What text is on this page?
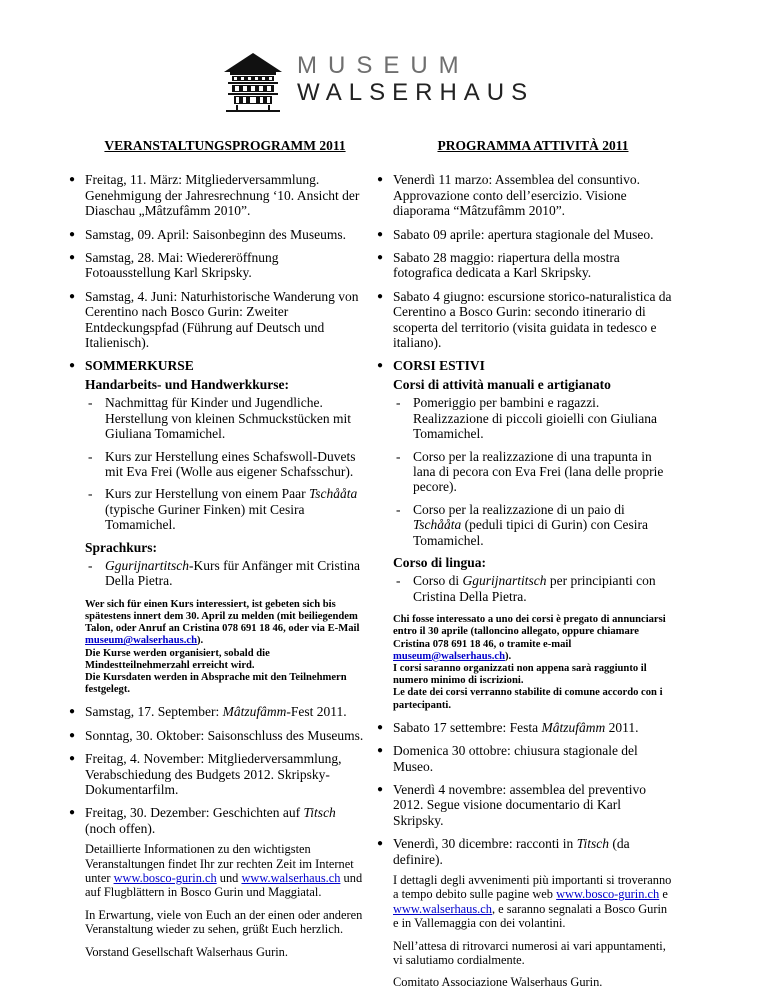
MUSEUM
WALSERHAUS
VERANSTALTUNGSPROGRAMM 2011
● Freitag, 11. März: Mitgliederversammlung. Genehmigung der Jahresrechnung ‘10. Ansicht der Diaschau „Mâtzufâmm 2010”.
● Samstag, 09. April: Saisonbeginn des Museums.
● Samstag, 28. Mai: Wiedereröffnung Fotoausstellung Karl Skripsky.
● Samstag, 4. Juni: Naturhistorische Wanderung von Cerentino nach Bosco Gurin: Zweiter Entdeckungspfad (Führung auf Deutsch und Italienisch).
● SOMMERKURSE
Handarbeits- und Handwerkkurse:
- Nachmittag für Kinder und Jugendliche. Herstellung von kleinen Schmuckstücken mit Giuliana Tomamichel.
- Kurs zur Herstellung eines Schafswoll-Duvets mit Eva Frei (Wolle aus eigener Schafsschur).
- Kurs zur Herstellung von einem Paar Tschååta (typische Guriner Finken) mit Cesira Tomamichel.
Sprachkurs:
- Ggurijnartitsch-Kurs für Anfänger mit Cristina Della Pietra.
Wer sich für einen Kurs interessiert, ist gebeten sich bis spätestens innert dem 30. April zu melden (mit beiliegendem Talon, oder Anruf an Cristina 078 691 18 46, oder via E-Mail museum@walserhaus.ch).
Die Kurse werden organisiert, sobald die Mindestteilnehmerzahl erreicht wird.
Die Kursdaten werden in Absprache mit den Teilnehmern festgelegt.
● Samstag, 17. September: Mâtzufâmm-Fest 2011.
● Sonntag, 30. Oktober: Saisonschluss des Museums.
● Freitag, 4. November: Mitgliederversammlung, Verabschiedung des Budgets 2012. Skripsky-Dokumentarfilm.
● Freitag, 30. Dezember: Geschichten auf Titsch (noch offen).

Detaillierte Informationen zu den wichtigsten Veranstaltungen findet Ihr zur rechten Zeit im Internet unter www.bosco-gurin.ch und www.walserhaus.ch und auf Flugblättern in Bosco Gurin und Maggiatal.

In Erwartung, viele von Euch an der einen oder anderen Veranstaltung wieder zu sehen, grüßt Euch herzlich.

Vorstand Gesellschaft Walserhaus Gurin.

PROGRAMMA ATTIVITÀ 2011
● Venerdì 11 marzo: Assemblea del consuntivo. Approvazione conto dell’esercizio. Visione diaporama “Mâtzufâmm 2010”.
● Sabato 09 aprile: apertura stagionale del Museo.
● Sabato 28 maggio: riapertura della mostra fotografica dedicata a Karl Skripsky.
● Sabato 4 giugno: escursione storico-naturalistica da Cerentino a Bosco Gurin: secondo itinerario di scoperta del territorio (visita guidata in tedesco e italiano).
● CORSI ESTIVI
Corsi di attività manuali e artigianato
- Pomeriggio per bambini e ragazzi. Realizzazione di piccoli gioielli con Giuliana Tomamichel.
- Corso per la realizzazione di una trapunta in lana di pecora con Eva Frei (lana delle proprie pecore).
- Corso per la realizzazione di un paio di Tschååta (peduli tipici di Gurin) con Cesira Tomamichel.
Corso di lingua:
- Corso di Ggurijnartitsch per principianti con Cristina Della Pietra.
Chi fosse interessato a uno dei corsi è pregato di annunciarsi entro il 30 aprile (talloncino allegato, oppure chiamare Cristina 078 691 18 46, o tramite e-mail museum@walserhaus.ch).
I corsi saranno organizzati non appena sarà raggiunto il numero minimo di iscrizioni.
Le date dei corsi verranno stabilite di comune accordo con i partecipanti.
● Sabato 17 settembre: Festa Mâtzufâmm 2011.
● Domenica 30 ottobre: chiusura stagionale del Museo.
● Venerdì 4 novembre: assemblea del preventivo 2012. Segue visione documentario di Karl Skripsky.
● Venerdì, 30 dicembre: racconti in Titsch (da definire).

I dettagli degli avvenimenti più importanti si troveranno a tempo debito sulle pagine web www.bosco-gurin.ch e www.walserhaus.ch, e saranno segnalati a Bosco Gurin e in Vallemaggia con dei volantini.

Nell’attesa di ritrovarci numerosi ai vari appuntamenti, vi salutiamo cordialmente.

Comitato Associazione Walserhaus Gurin.
